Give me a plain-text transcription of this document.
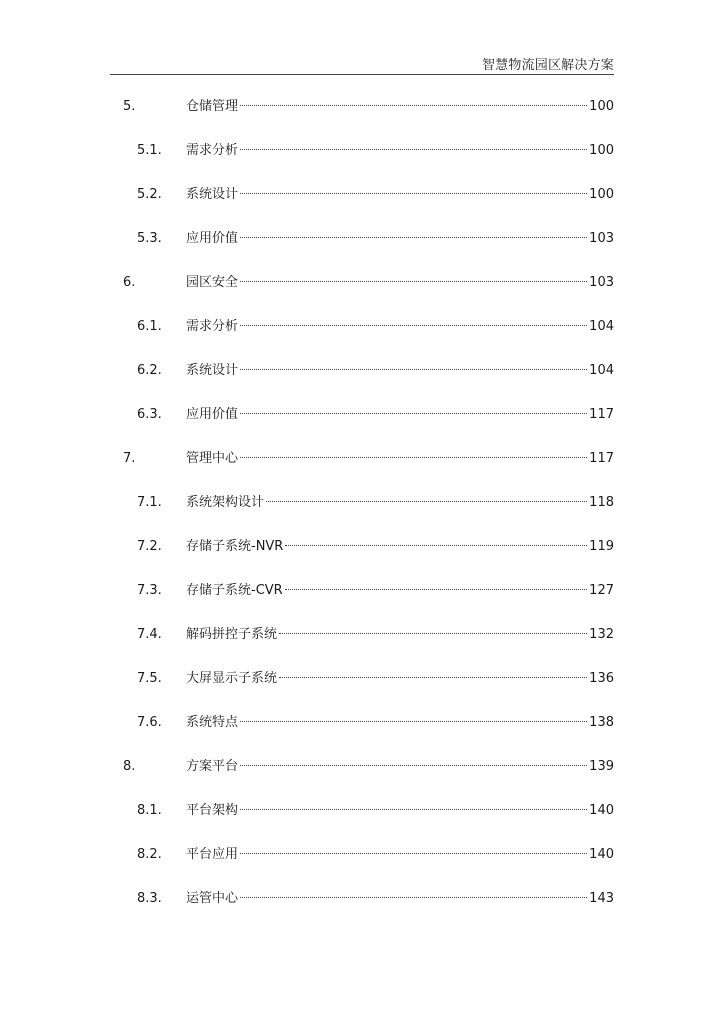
智慧物流园区解决方案
5.	仓储管理	100
5.1. 需求分析	100
5.2. 系统设计	100
5.3. 应用价值	103
6.	园区安全	103
6.1. 需求分析	104
6.2. 系统设计	104
6.3. 应用价值	117
7.	管理中心	117
7.1. 系统架构设计	118
7.2. 存储子系统-NVR	119
7.3. 存储子系统-CVR	127
7.4. 解码拼控子系统	132
7.5. 大屏显示子系统	136
7.6. 系统特点	138
8.	方案平台	139
8.1. 平台架构	140
8.2. 平台应用	140
8.3. 运管中心	143
